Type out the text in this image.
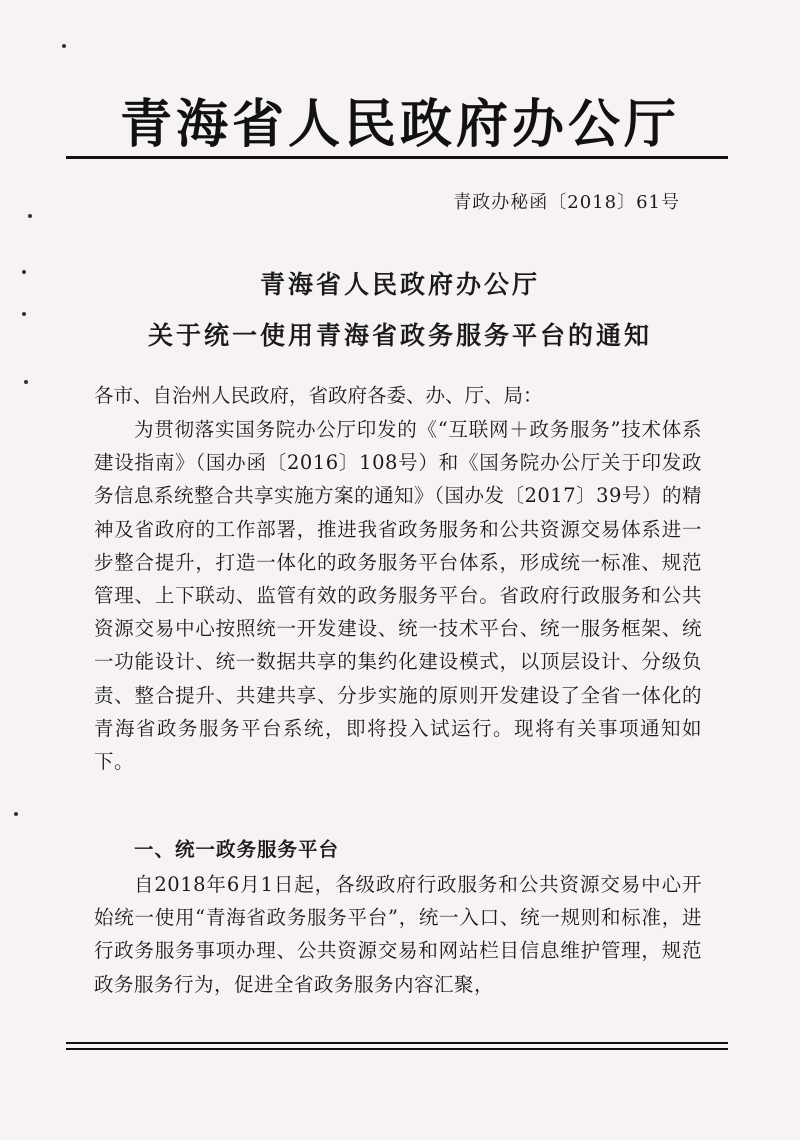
青海省人民政府办公厅
青政办秘函〔2018〕61号
青海省人民政府办公厅
关于统一使用青海省政务服务平台的通知
各市、自治州人民政府，省政府各委、办、厅、局：
为贯彻落实国务院办公厅印发的《“互联网＋政务服务”技术体系建设指南》（国办函〔2016〕108号）和《国务院办公厅关于印发政务信息系统整合共享实施方案的通知》（国办发〔2017〕39号）的精神及省政府的工作部署，推进我省政务服务和公共资源交易体系进一步整合提升，打造一体化的政务服务平台体系，形成统一标准、规范管理、上下联动、监管有效的政务服务平台。省政府行政服务和公共资源交易中心按照统一开发建设、统一技术平台、统一服务框架、统一功能设计、统一数据共享的集约化建设模式，以顶层设计、分级负责、整合提升、共建共享、分步实施的原则开发建设了全省一体化的青海省政务服务平台系统，即将投入试运行。现将有关事项通知如下。
一、统一政务服务平台
自2018年6月1日起，各级政府行政服务和公共资源交易中心开始统一使用“青海省政务服务平台”，统一入口、统一规则和标准，进行政务服务事项办理、公共资源交易和网站栏目信息维护管理，规范政务服务行为，促进全省政务服务内容汇聚，
